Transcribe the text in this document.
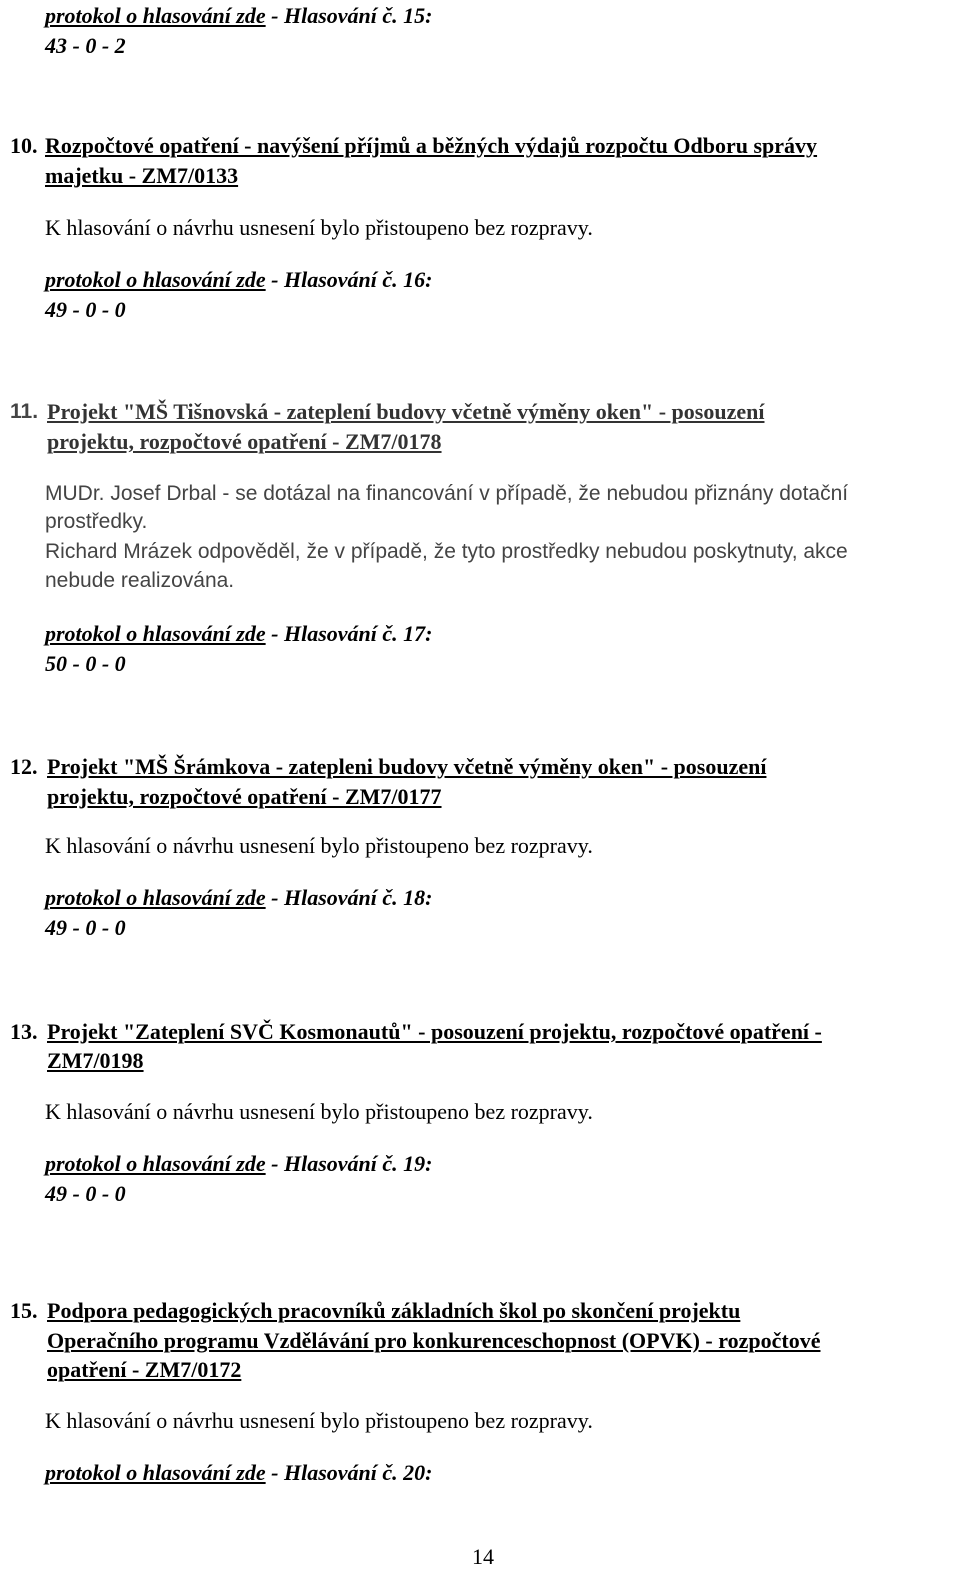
protokol o hlasování zde - Hlasování č. 15:
43 - 0 - 2
10. Rozpočtové opatření - navýšení příjmů a běžných výdajů rozpočtu Odboru správy
majetku - ZM7/0133
K hlasování o návrhu usnesení bylo přistoupeno bez rozpravy.
protokol o hlasování zde - Hlasování č. 16:
49 - 0 - 0
11. Projekt "MŠ Tišnovská - zateplení budovy včetně výměny oken" - posouzení
projektu, rozpočtové opatření - ZM7/0178
MUDr. Josef Drbal - se dotázal na financování v případě, že nebudou přiznány dotační
prostředky.
Richard Mrázek odpověděl, že v případě, že tyto prostředky nebudou poskytnuty, akce
nebude realizována.
protokol o hlasování zde - Hlasování č. 17:
50 - 0 - 0
12. Projekt "MŠ Šrámkova - zatepleni budovy včetně výměny oken" - posouzení
projektu, rozpočtové opatření - ZM7/0177
K hlasování o návrhu usnesení bylo přistoupeno bez rozpravy.
protokol o hlasování zde - Hlasování č. 18:
49 - 0 - 0
13. Projekt "Zateplení SVČ Kosmonautů" - posouzení projektu, rozpočtové opatření -
ZM7/0198
K hlasování o návrhu usnesení bylo přistoupeno bez rozpravy.
protokol o hlasování zde - Hlasování č. 19:
49 - 0 - 0
15. Podpora pedagogických pracovníků základních škol po skončení projektu
Operačního programu Vzdělávání pro konkurenceschopnost (OPVK) - rozpočtové
opatření - ZM7/0172
K hlasování o návrhu usnesení bylo přistoupeno bez rozpravy.
protokol o hlasování zde - Hlasování č. 20:
14
